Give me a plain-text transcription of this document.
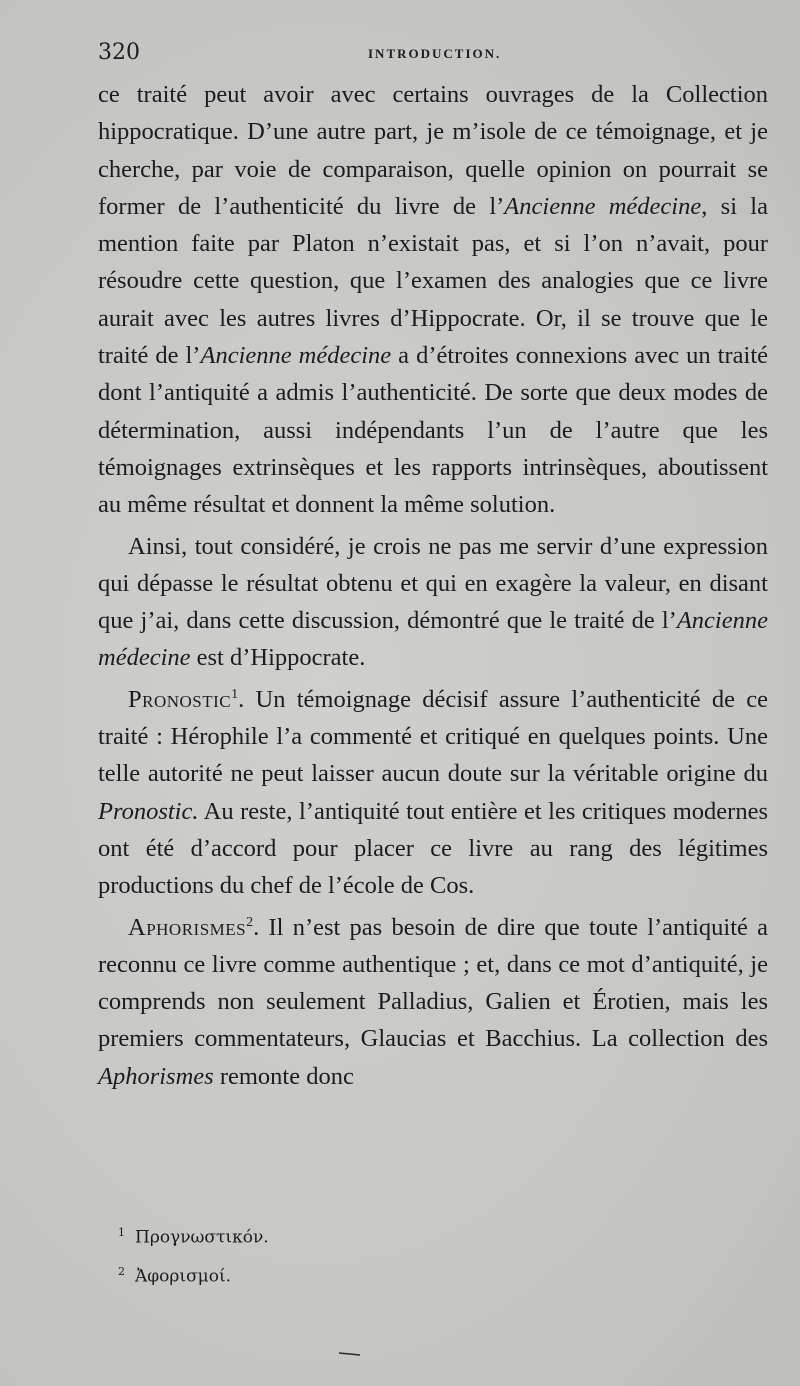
320	INTRODUCTION.

ce traité peut avoir avec certains ouvrages de la Collection hippocratique. D’une autre part, je m’isole de ce témoignage, et je cherche, par voie de comparaison, quelle opinion on pourrait se former de l’authenticité du livre de l’Ancienne médecine, si la mention faite par Platon n’existait pas, et si l’on n’avait, pour résoudre cette question, que l’examen des analogies que ce livre aurait avec les autres livres d’Hippocrate. Or, il se trouve que le traité de l’Ancienne médecine a d’étroites connexions avec un traité dont l’antiquité a admis l’authenticité. De sorte que deux modes de détermination, aussi indépendants l’un de l’autre que les témoignages extrinsèques et les rapports intrinsèques, aboutissent au même résultat et donnent la même solution.

Ainsi, tout considéré, je crois ne pas me servir d’une expression qui dépasse le résultat obtenu et qui en exagère la valeur, en disant que j’ai, dans cette discussion, démontré que le traité de l’Ancienne médecine est d’Hippocrate.

Pronostic$^1$. Un témoignage décisif assure l’authenticité de ce traité : Hérophile l’a commenté et critiqué en quelques points. Une telle autorité ne peut laisser aucun doute sur la véritable origine du Pronostic. Au reste, l’antiquité tout entière et les critiques modernes ont été d’accord pour placer ce livre au rang des légitimes productions du chef de l’école de Cos.

Aphorismes$^2$. Il n’est pas besoin de dire que toute l’antiquité a reconnu ce livre comme authentique ; et, dans ce mot d’antiquité, je comprends non seulement Palladius, Galien et Érotien, mais les premiers commentateurs, Glaucias et Bacchius. La collection des Aphorismes remonte donc

$^1$ Προγνωστικόν.
$^2$ Ἀφορισμοί.
